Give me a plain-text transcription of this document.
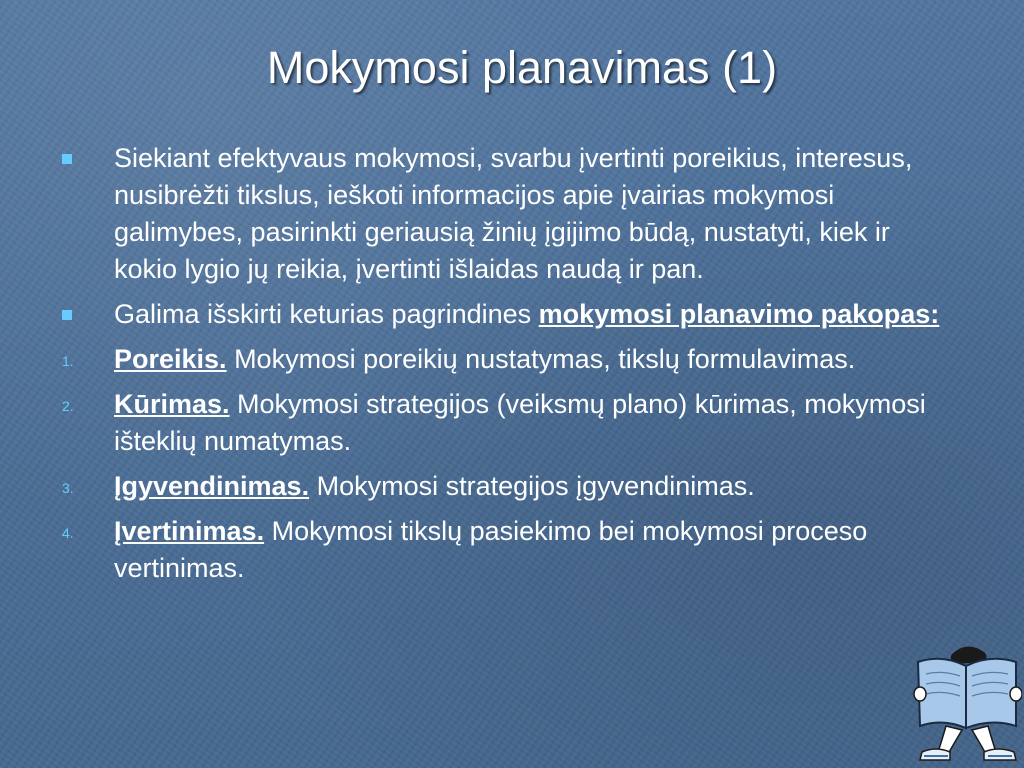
Mokymosi planavimas (1)
Siekiant efektyvaus mokymosi, svarbu įvertinti poreikius, interesus, nusibrėžti tikslus, ieškoti informacijos apie įvairias mokymosi galimybes, pasirinkti geriausią žinių įgijimo būdą, nustatyti, kiek ir kokio lygio jų reikia, įvertinti išlaidas naudą ir pan.
Galima išskirti keturias pagrindines mokymosi planavimo pakopas:
1. Poreikis. Mokymosi poreikių nustatymas, tikslų formulavimas.
2. Kūrimas. Mokymosi strategijos (veiksmų plano) kūrimas, mokymosi išteklių numatymas.
3. Įgyvendinimas. Mokymosi strategijos įgyvendinimas.
4. Įvertinimas. Mokymosi tikslų pasiekimo bei mokymosi proceso vertinimas.
